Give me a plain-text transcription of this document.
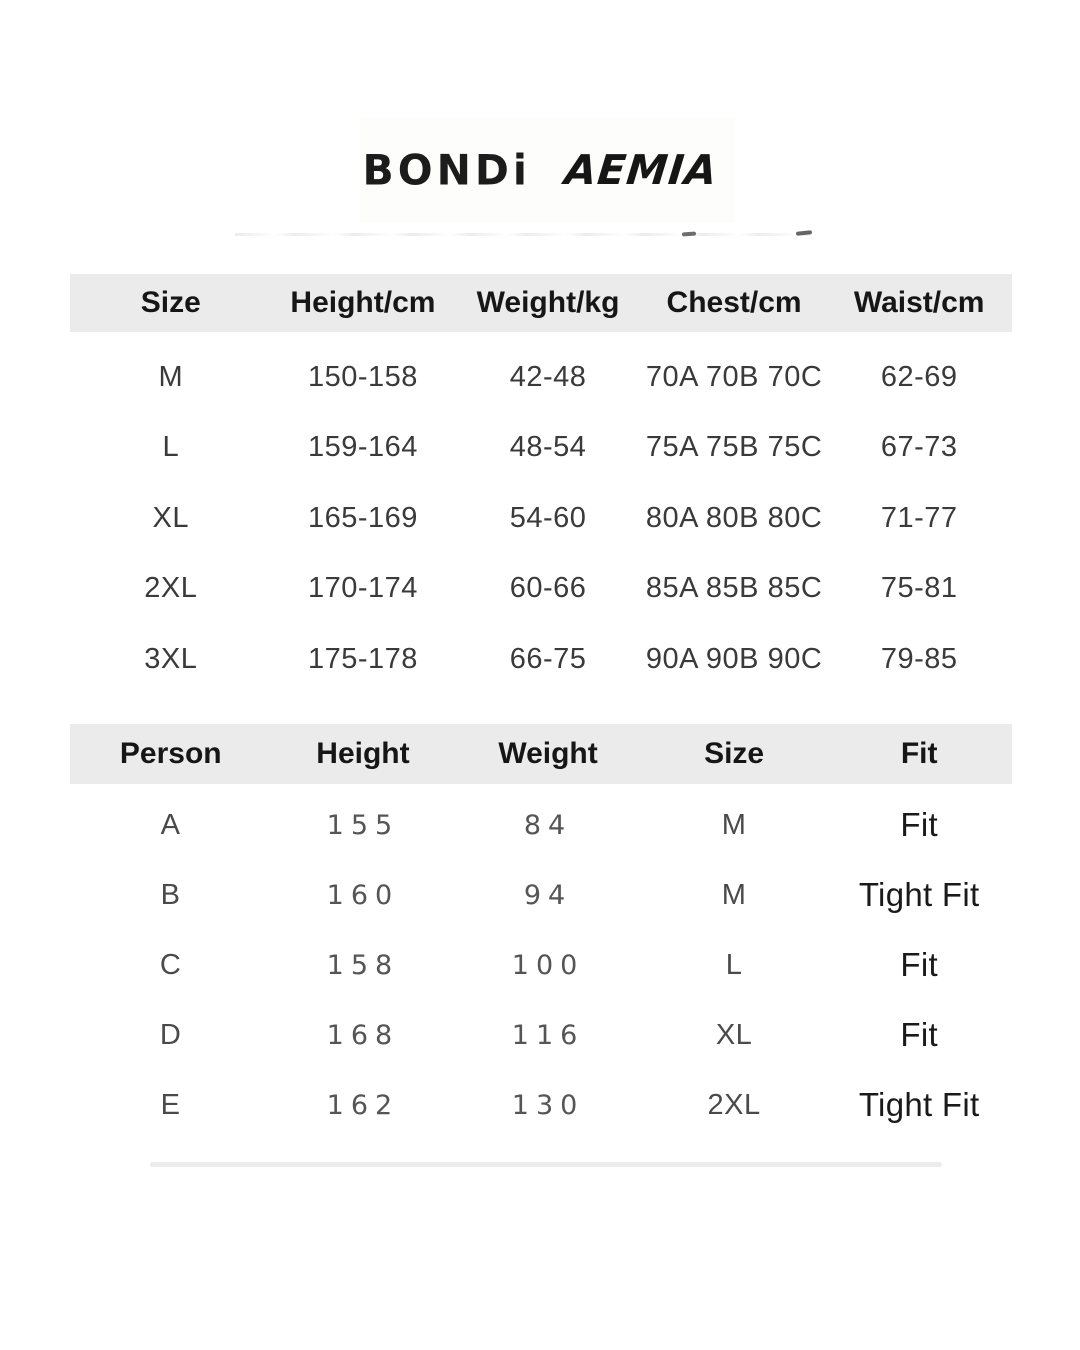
BONDi AEMIA
Size	Height/cm	Weight/kg	Chest/cm	Waist/cm
M	150-158	42-48	70A 70B 70C	62-69
L	159-164	48-54	75A 75B 75C	67-73
XL	165-169	54-60	80A 80B 80C	71-77
2XL	170-174	60-66	85A 85B 85C	75-81
3XL	175-178	66-75	90A 90B 90C	79-85
Person	Height	Weight	Size	Fit
A	155	84	M	Fit
B	160	94	M	Tight Fit
C	158	100	L	Fit
D	168	116	XL	Fit
E	162	130	2XL	Tight Fit
